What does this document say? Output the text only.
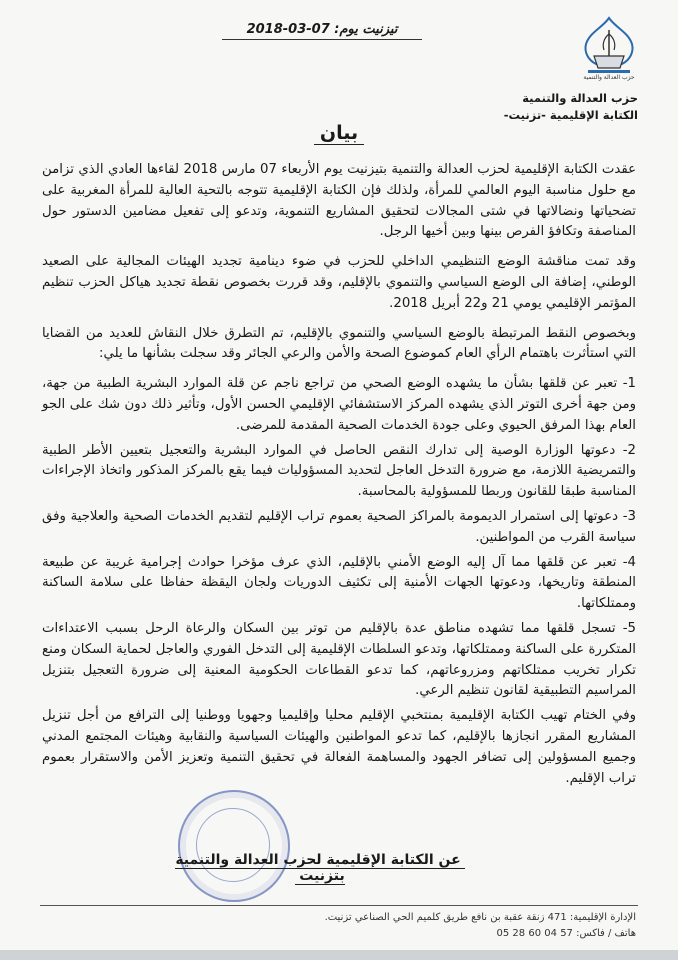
تيزنيت يوم: 07-03-2018
حزب العدالة والتنمية
حزب العدالة والتنمية
الكتابة الإقليمية -تزنيت-
بيان

عقدت الكتابة الإقليمية لحزب العدالة والتنمية بتيزنيت يوم الأربعاء 07 مارس 2018 لقاءها العادي الذي تزامن مع حلول مناسبة اليوم العالمي للمرأة، ولذلك فإن الكتابة الإقليمية تتوجه بالتحية العالية للمرأة المغربية على تضحياتها ونضالاتها في شتى المجالات لتحقيق المشاريع التنموية، وتدعو إلى تفعيل مضامين الدستور حول المناصفة وتكافؤ الفرص بينها وبين أخيها الرجل.

وقد تمت مناقشة الوضع التنظيمي الداخلي للحزب في ضوء دينامية تجديد الهيئات المجالية على الصعيد الوطني، إضافة الى الوضع السياسي والتنموي بالإقليم، وقد قررت بخصوص نقطة تجديد هياكل الحزب تنظيم المؤتمر الإقليمي يومي 21 و22 أبريل 2018.

وبخصوص النقط المرتبطة بالوضع السياسي والتنموي بالإقليم، تم التطرق خلال النقاش للعديد من القضايا التي استأثرت باهتمام الرأي العام كموضوع الصحة والأمن والرعي الجائر وقد سجلت بشأنها ما يلي:

1- تعبر عن قلقها بشأن ما يشهده الوضع الصحي من تراجع ناجم عن قلة الموارد البشرية الطبية من جهة، ومن جهة أخرى التوتر الذي يشهده المركز الاستشفائي الإقليمي الحسن الأول، وتأثير ذلك دون شك على الجو العام بهذا المرفق الحيوي وعلى جودة الخدمات الصحية المقدمة للمرضى.

2- دعوتها الوزارة الوصية إلى تدارك النقص الحاصل في الموارد البشرية والتعجيل بتعيين الأطر الطبية والتمريضية اللازمة، مع ضرورة التدخل العاجل لتحديد المسؤوليات فيما يقع بالمركز المذكور واتخاذ الإجراءات المناسبة طبقا للقانون وربطا للمسؤولية بالمحاسبة.

3- دعوتها إلى استمرار الديمومة بالمراكز الصحية بعموم تراب الإقليم لتقديم الخدمات الصحية والعلاجية وفق سياسة القرب من المواطنين.

4- تعبر عن قلقها مما آل إليه الوضع الأمني بالإقليم، الذي عرف مؤخرا حوادث إجرامية غريبة عن طبيعة المنطقة وتاريخها، ودعوتها الجهات الأمنية إلى تكثيف الدوريات ولجان اليقظة حفاظا على سلامة الساكنة وممتلكاتها.

5- تسجل قلقها مما تشهده مناطق عدة بالإقليم من توتر بين السكان والرعاة الرحل بسبب الاعتداءات المتكررة على الساكنة وممتلكاتها، وتدعو السلطات الإقليمية إلى التدخل الفوري والعاجل لحماية السكان ومنع تكرار تخريب ممتلكاتهم ومزروعاتهم، كما تدعو القطاعات الحكومية المعنية إلى ضرورة التعجيل بتنزيل المراسيم التطبيقية لقانون تنظيم الرعي.

وفي الختام تهيب الكتابة الإقليمية بمنتخبي الإقليم محليا وإقليميا وجهويا ووطنيا إلى الترافع من أجل تنزيل المشاريع المقرر انجازها بالإقليم، كما تدعو المواطنين والهيئات السياسية والنقابية وهيئات المجتمع المدني وجميع المسؤولين إلى تضافر الجهود والمساهمة الفعالة في تحقيق التنمية وتعزيز الأمن والاستقرار بعموم تراب الإقليم.

عن الكتابة الإقليمية لحزب العدالة والتنمية بتزنيت
الإدارة الإقليمية: 471 زنقة عقبة بن نافع طريق كلميم الحي الصناعي تزنيت.
هاتف / فاكس: 57 04 60 28 05
